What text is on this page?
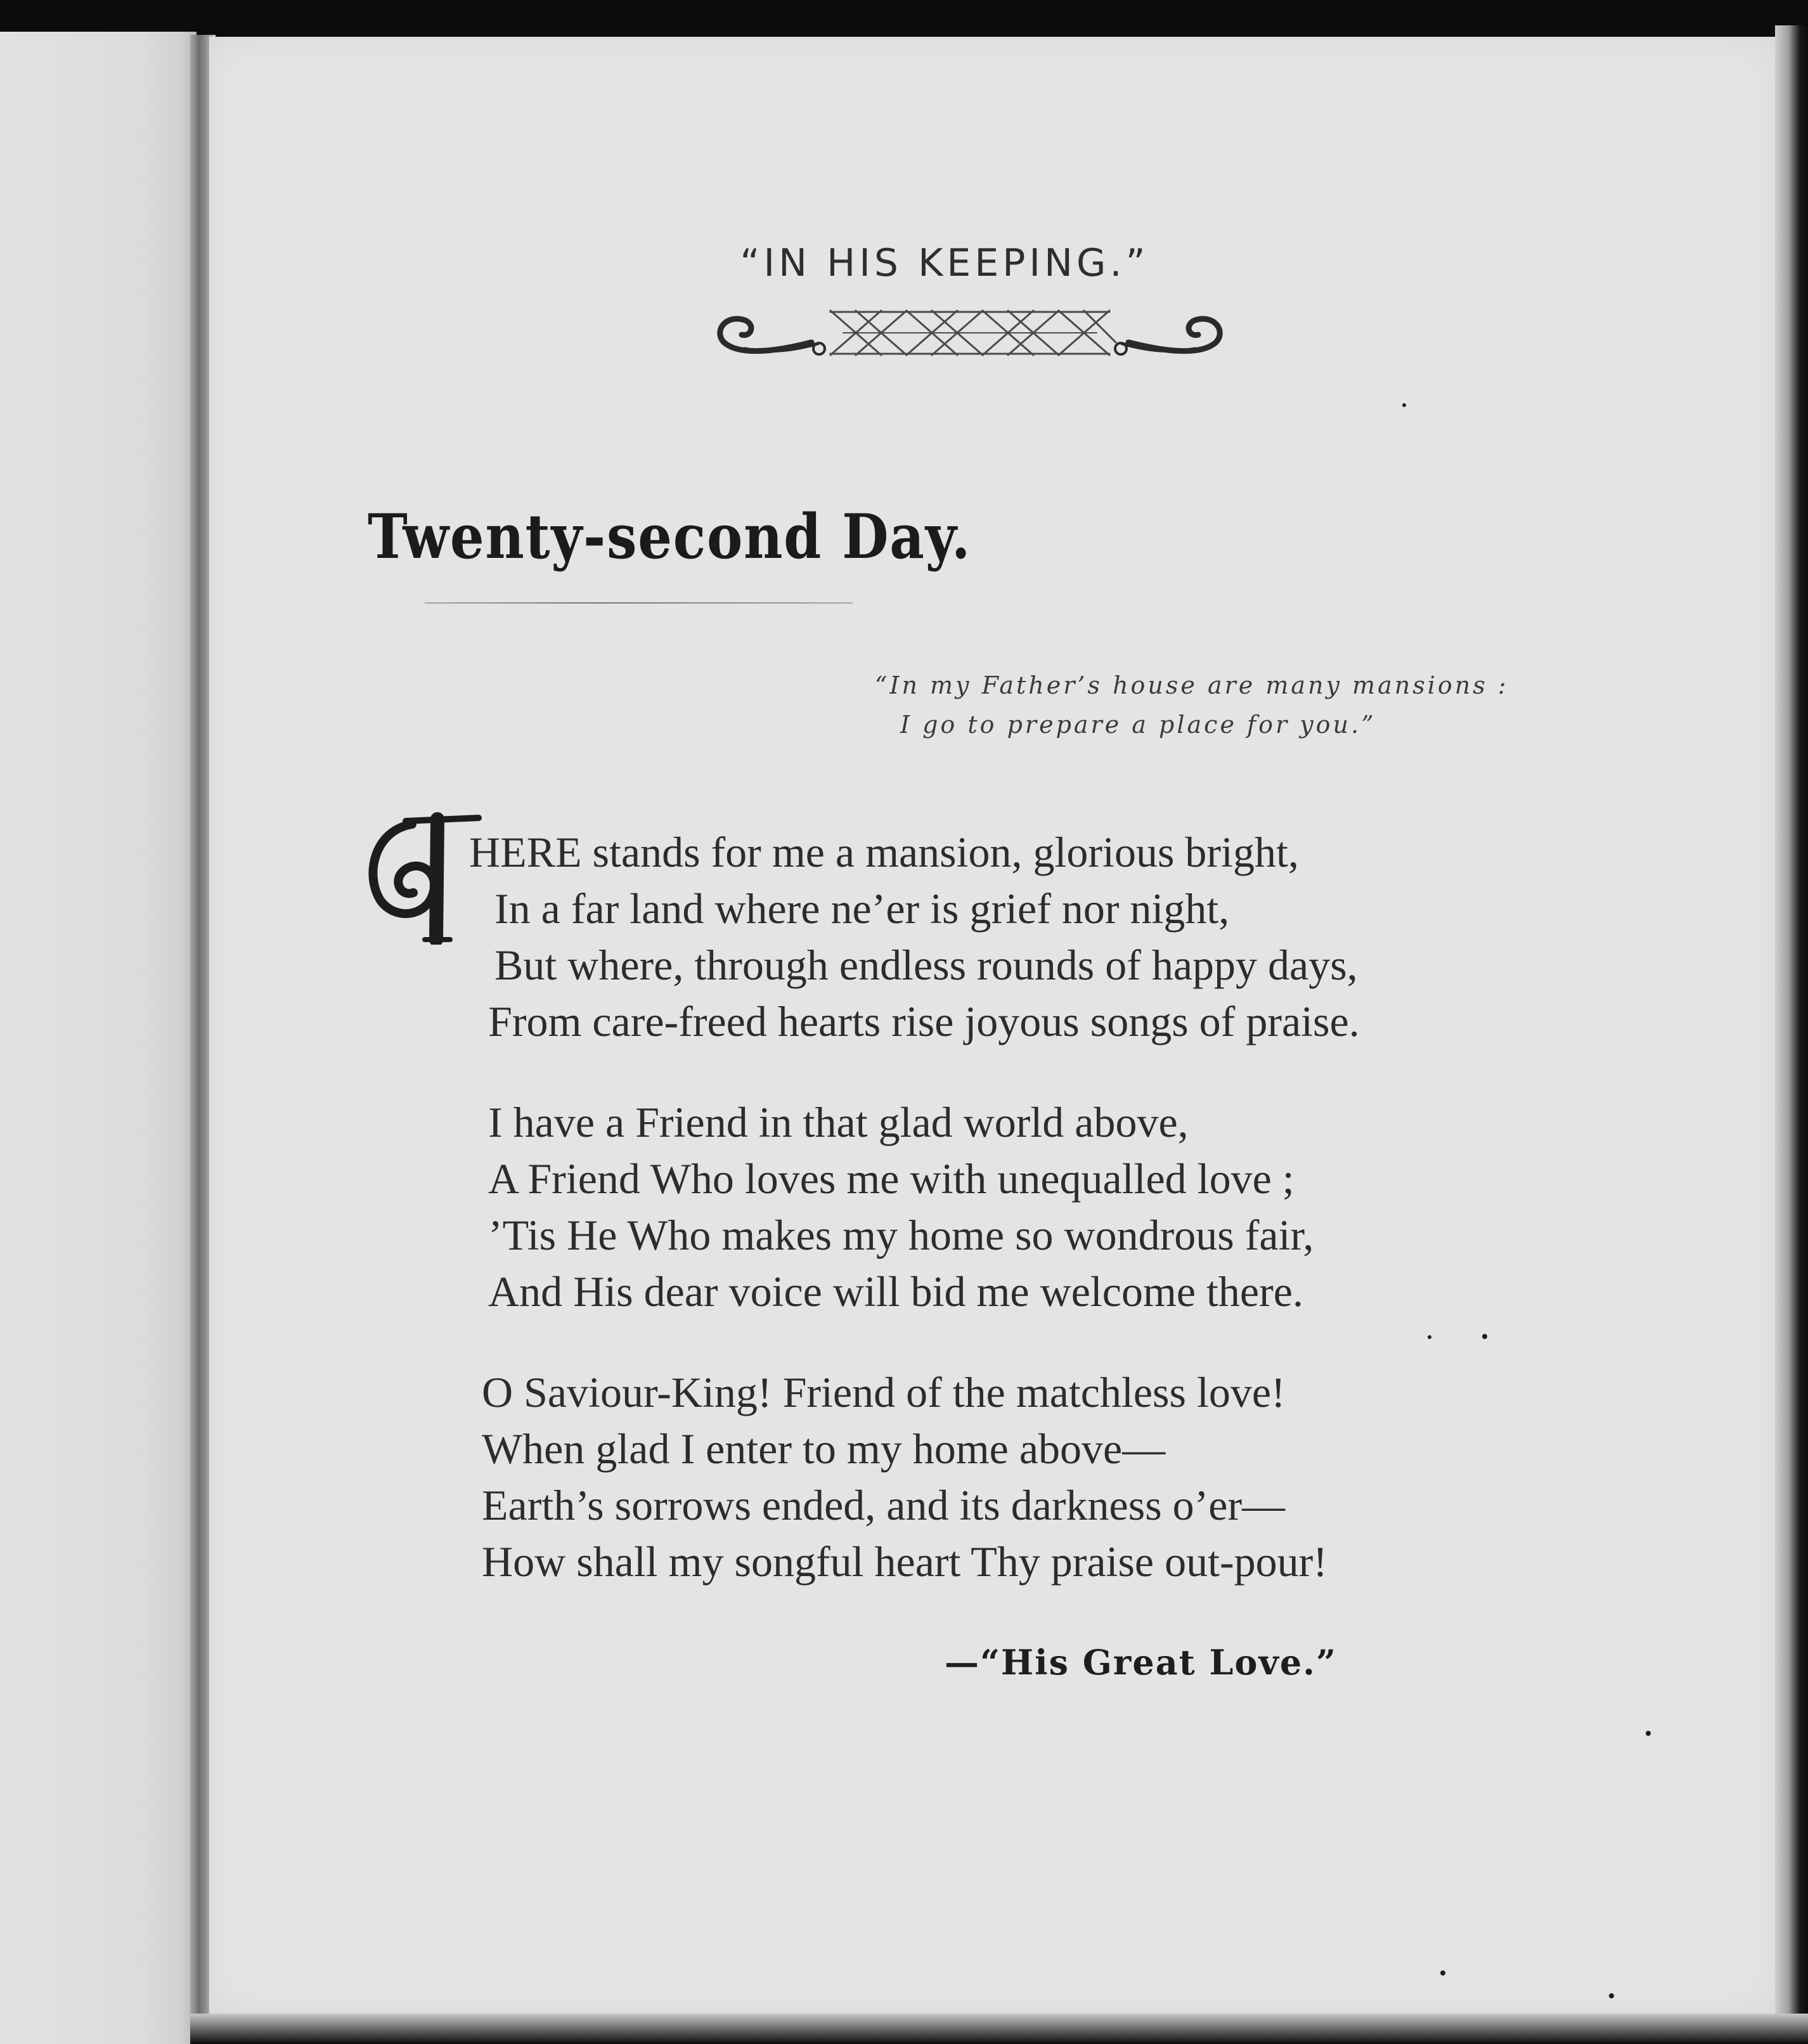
“IN HIS KEEPING.”
Twenty-second Day.
“In my Father’s house are many mansions :
I go to prepare a place for you.”
T
HERE stands for me a mansion, glorious bright,
In a far land where ne’er is grief nor night,
But where, through endless rounds of happy days,
From care-freed hearts rise joyous songs of praise.
I have a Friend in that glad world above,
A Friend Who loves me with unequalled love ;
’Tis He Who makes my home so wondrous fair,
And His dear voice will bid me welcome there.
O Saviour-King! Friend of the matchless love!
When glad I enter to my home above—
Earth’s sorrows ended, and its darkness o’er—
How shall my songful heart Thy praise out-pour!
—“His Great Love.”
